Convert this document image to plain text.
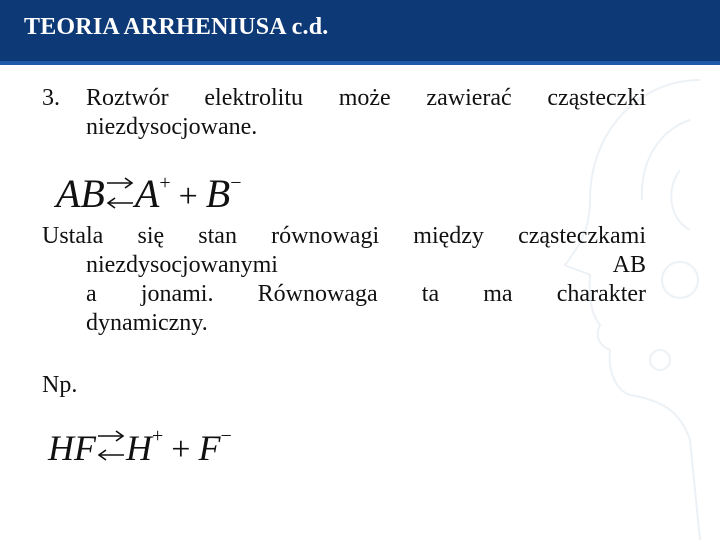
TEORIA ARRHENIUSA c.d.
3. Roztwór elektrolitu może zawierać cząsteczki
niezdysocjowane.
AB⇌A+ + B−
Ustala się stan równowagi między cząsteczkami
niezdysocjowanymi AB
a jonami. Równowaga ta ma charakter
dynamiczny.
Np.
HF⇌H+ + F−
